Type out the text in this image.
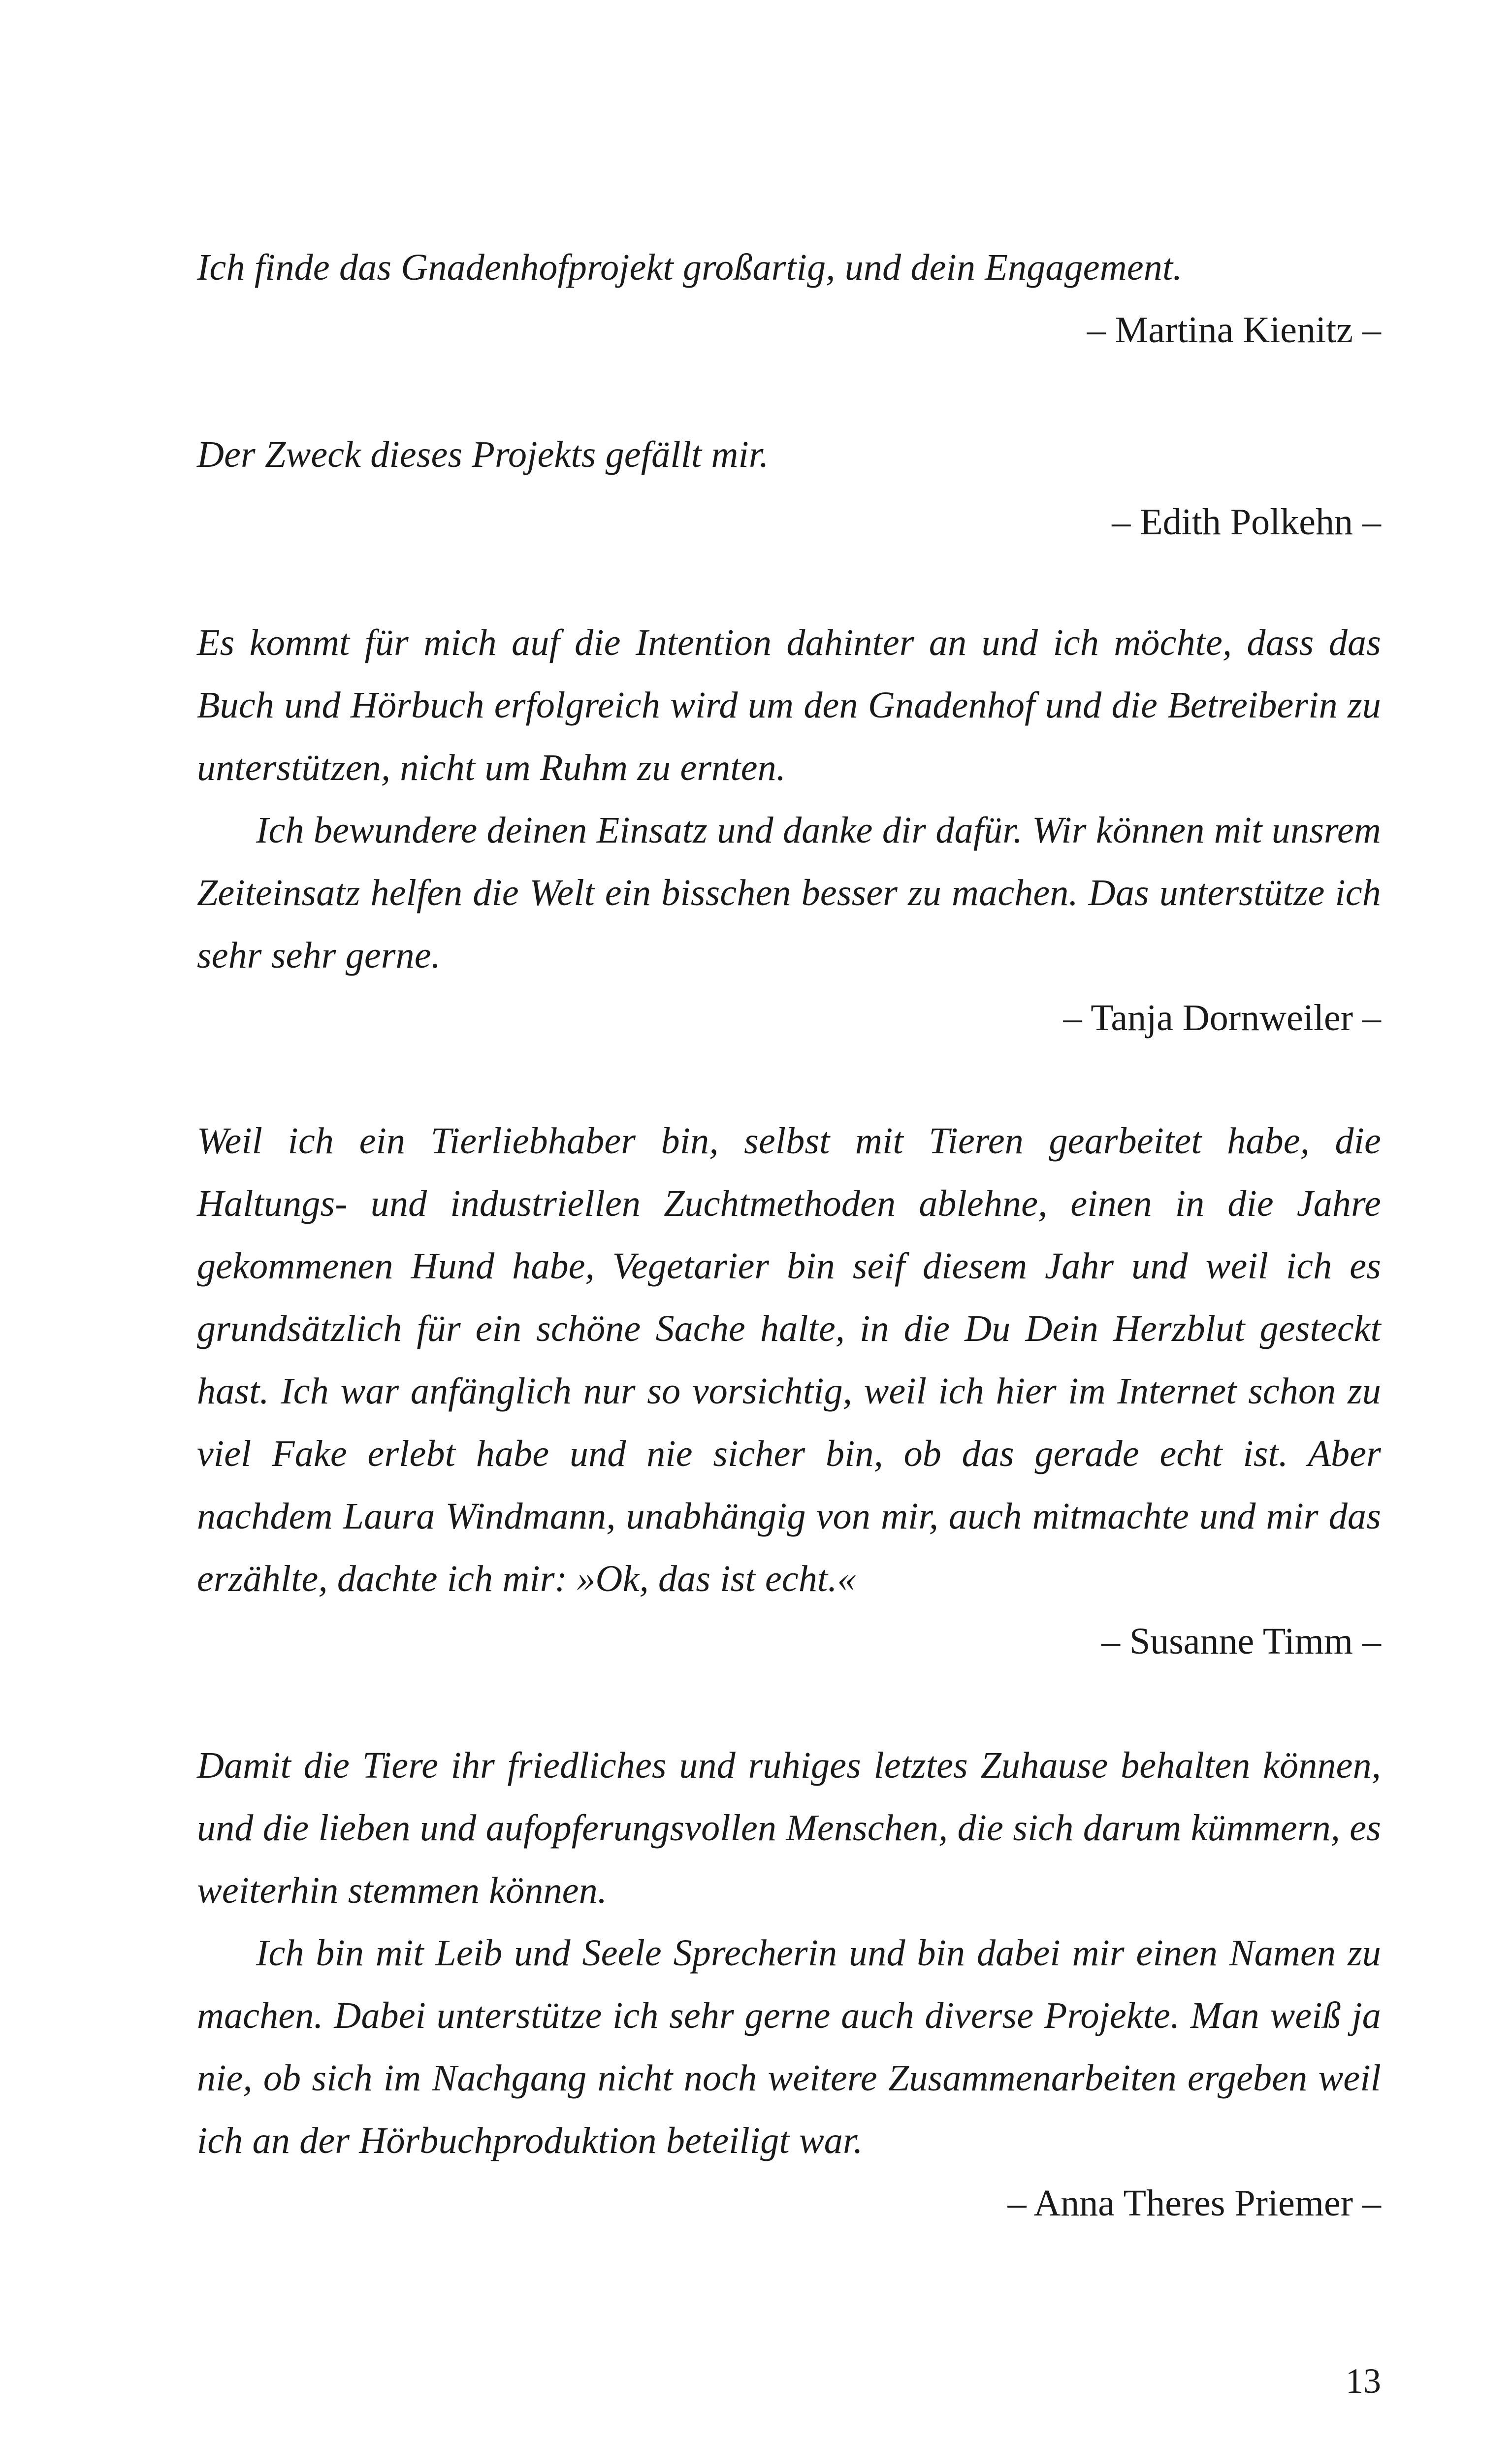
Ich finde das Gnadenhofprojekt großartig, und dein Engagement.

– Martina Kienitz –

Der Zweck dieses Projekts gefällt mir.

– Edith Polkehn –

Es kommt für mich auf die Intention dahinter an und ich möchte, dass das Buch und Hörbuch erfolgreich wird um den Gnadenhof und die Betreiberin zu unterstützen, nicht um Ruhm zu ernten.

Ich bewundere deinen Einsatz und danke dir dafür. Wir können mit unsrem Zeiteinsatz helfen die Welt ein bisschen besser zu machen. Das unterstütze ich sehr sehr gerne.

– Tanja Dornweiler –

Weil ich ein Tierliebhaber bin, selbst mit Tieren gearbeitet habe, die Haltungs- und industriellen Zuchtmethoden ablehne, einen in die Jahre gekommenen Hund habe, Vegetarier bin seif diesem Jahr und weil ich es grundsätzlich für ein schöne Sache halte, in die Du Dein Herzblut gesteckt hast. Ich war anfänglich nur so vorsichtig, weil ich hier im Internet schon zu viel Fake erlebt habe und nie sicher bin, ob das gerade echt ist. Aber nachdem Laura Windmann, unabhängig von mir, auch mitmachte und mir das erzählte, dachte ich mir: »Ok, das ist echt.«

– Susanne Timm –

Damit die Tiere ihr friedliches und ruhiges letztes Zuhause behalten können, und die lieben und aufopferungsvollen Menschen, die sich darum kümmern, es weiterhin stemmen können.

Ich bin mit Leib und Seele Sprecherin und bin dabei mir einen Namen zu machen. Dabei unterstütze ich sehr gerne auch diverse Projekte. Man weiß ja nie, ob sich im Nachgang nicht noch weitere Zusammenarbeiten ergeben weil ich an der Hörbuchproduktion beteiligt war.

– Anna Theres Priemer –

13
